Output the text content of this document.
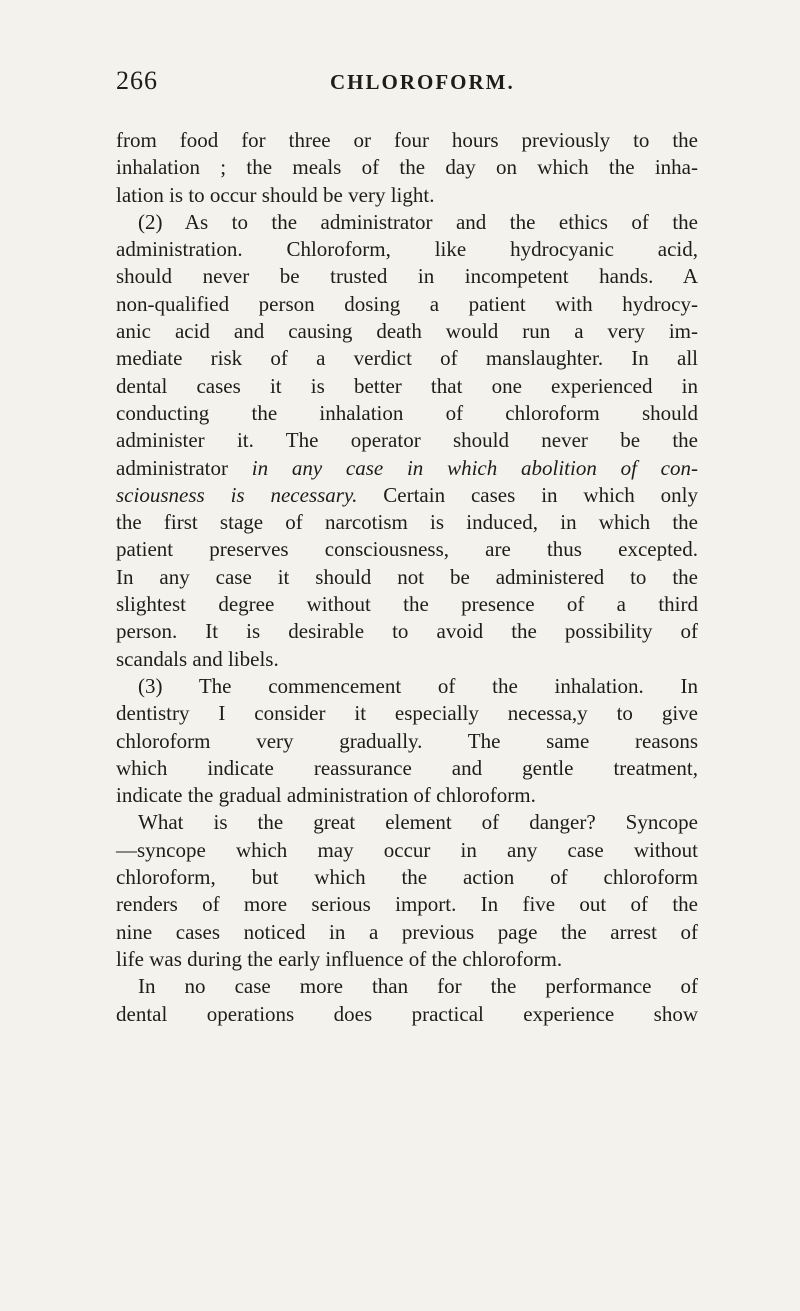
266	CHLOROFORM.

from food for three or four hours previously to the
inhalation ; the meals of the day on which the inha-
lation is to occur should be very light.

(2) As to the administrator and the ethics of the
administration. Chloroform, like hydrocyanic acid,
should never be trusted in incompetent hands. A
non-qualified person dosing a patient with hydrocy-
anic acid and causing death would run a very im-
mediate risk of a verdict of manslaughter. In all
dental cases it is better that one experienced in
conducting the inhalation of chloroform should
administer it. The operator should never be the
administrator in any case in which abolition of con-
sciousness is necessary. Certain cases in which only
the first stage of narcotism is induced, in which the
patient preserves consciousness, are thus excepted.
In any case it should not be administered to the
slightest degree without the presence of a third
person. It is desirable to avoid the possibility of
scandals and libels.

(3) The commencement of the inhalation. In
dentistry I consider it especially necessa,y to give
chloroform very gradually. The same reasons
which indicate reassurance and gentle treatment,
indicate the gradual administration of chloroform.

What is the great element of danger? Syncope
—syncope which may occur in any case without
chloroform, but which the action of chloroform
renders of more serious import. In five out of the
nine cases noticed in a previous page the arrest of
life was during the early influence of the chloroform.

In no case more than for the performance of
dental operations does practical experience show
